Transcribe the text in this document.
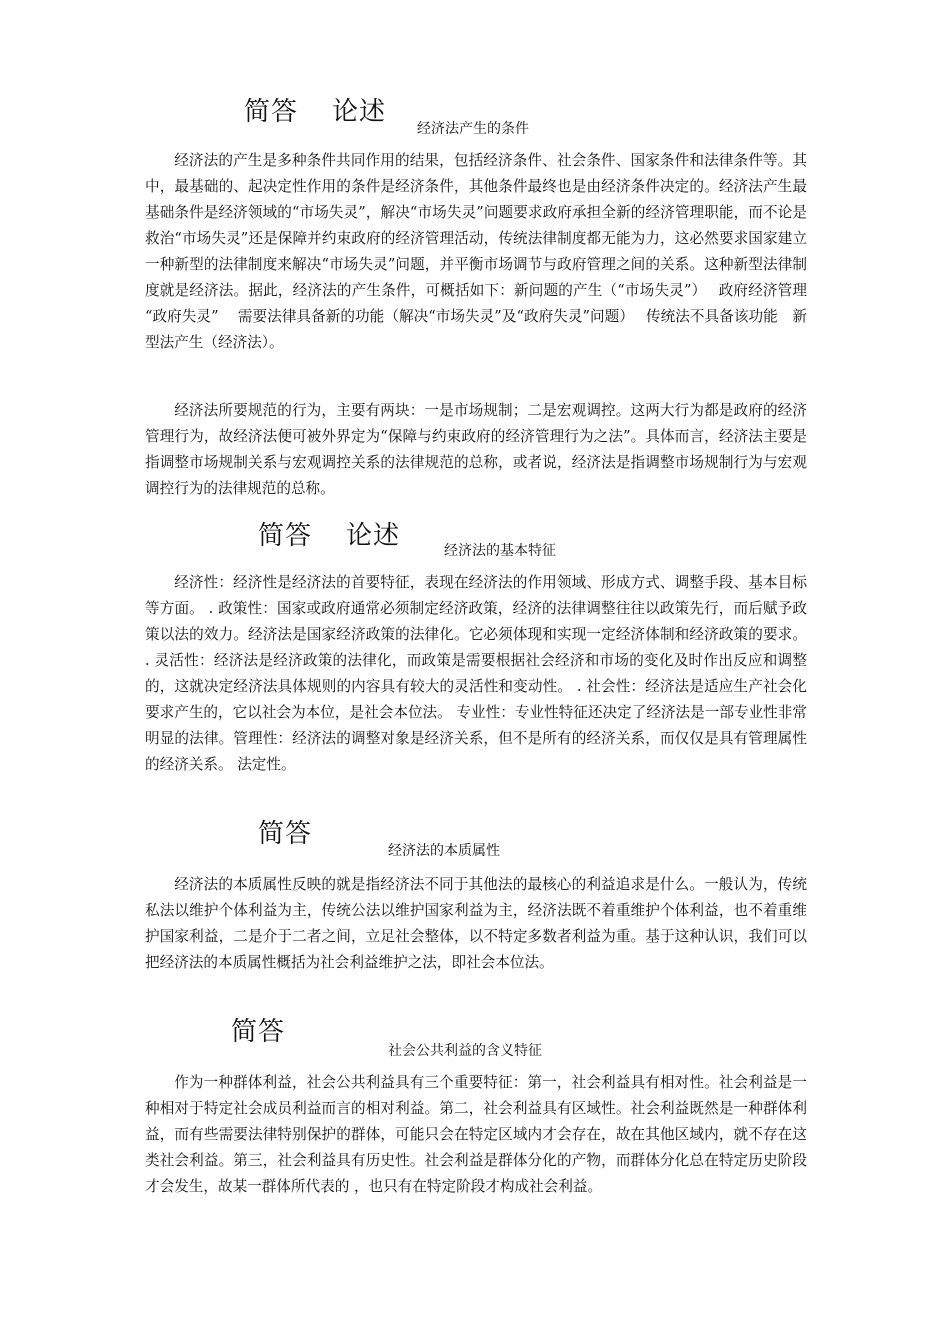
简答 论述
经济法产生的条件

经济法的产生是多种条件共同作用的结果，包括经济条件、社会条件、国家条件和法律条件等。其中，最基础的、起决定性作用的条件是经济条件，其他条件最终也是由经济条件决定的。经济法产生最基础条件是经济领域的“市场失灵”，解决“市场失灵”问题要求政府承担全新的经济管理职能，而不论是救治“市场失灵”还是保障并约束政府的经济管理活动，传统法律制度都无能为力，这必然要求国家建立一种新型的法律制度来解决“市场失灵”问题，并平衡市场调节与政府管理之间的关系。这种新型法律制度就是经济法。据此，经济法的产生条件，可概括如下：新问题的产生（“市场失灵”）　 政府经济管理　 “政府失灵”　 需要法律具备新的功能（解决“市场失灵”及“政府失灵”问题）　 传统法不具备该功能　新型法产生（经济法）。

经济法所要规范的行为，主要有两块：一是市场规制；二是宏观调控。这两大行为都是政府的经济管理行为，故经济法便可被外界定为“保障与约束政府的经济管理行为之法”。具体而言，经济法主要是指调整市场规制关系与宏观调控关系的法律规范的总称，或者说，经济法是指调整市场规制行为与宏观调控行为的法律规范的总称。

简答 论述	经济法的基本特征

经济性：经济性是经济法的首要特征，表现在经济法的作用领域、形成方式、调整手段、基本目标等方面。 . 政策性：国家或政府通常必须制定经济政策，经济的法律调整往往以政策先行，而后赋予政策以法的效力。经济法是国家经济政策的法律化。它必须体现和实现一定经济体制和经济政策的要求。 . 灵活性：经济法是经济政策的法律化，而政策是需要根据社会经济和市场的变化及时作出反应和调整的，这就决定经济法具体规则的内容具有较大的灵活性和变动性。 . 社会性：经济法是适应生产社会化要求产生的，它以社会为本位，是社会本位法。 专业性：专业性特征还决定了经济法是一部专业性非常明显的法律。管理性：经济法的调整对象是经济关系，但不是所有的经济关系，而仅仅是具有管理属性的经济关系。 法定性。

简答
经济法的本质属性

经济法的本质属性反映的就是指经济法不同于其他法的最核心的利益追求是什么。一般认为，传统私法以维护个体利益为主，传统公法以维护国家利益为主，经济法既不着重维护个体利益，也不着重维护国家利益，二是介于二者之间，立足社会整体，以不特定多数者利益为重。基于这种认识，我们可以把经济法的本质属性概括为社会利益维护之法，即社会本位法。

简答
社会公共利益的含义特征

作为一种群体利益，社会公共利益具有三个重要特征：第一，社会利益具有相对性。社会利益是一种相对于特定社会成员利益而言的相对利益。第二，社会利益具有区域性。社会利益既然是一种群体利益，而有些需要法律特别保护的群体，可能只会在特定区域内才会存在，故在其他区域内，就不存在这类社会利益。第三，社会利益具有历史性。社会利益是群体分化的产物，而群体分化总在特定历史阶段才会发生，故某一群体所代表的 ，也只有在特定阶段才构成社会利益。
